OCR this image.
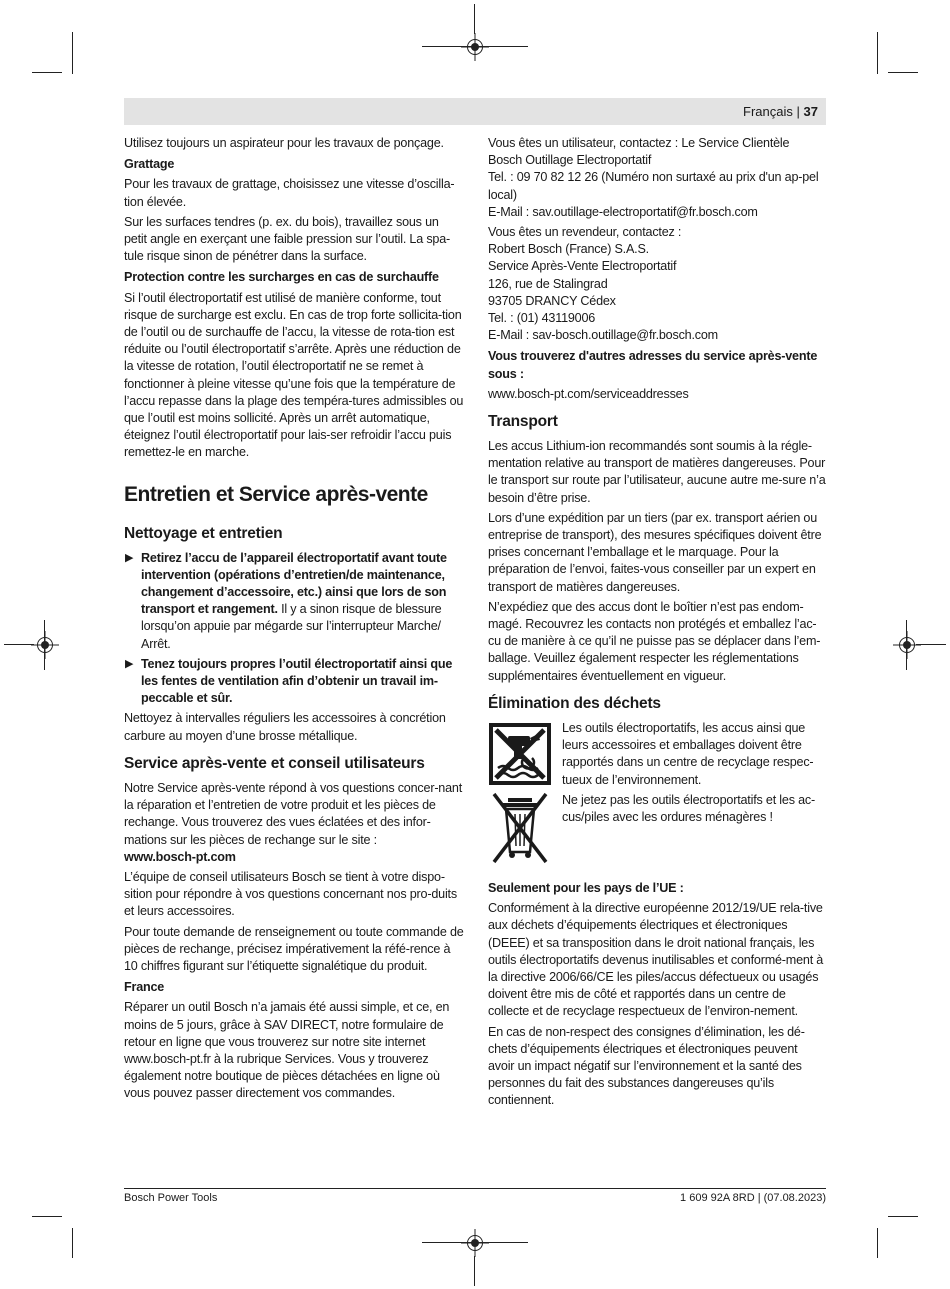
Français | 37

Utilisez toujours un aspirateur pour les travaux de ponçage.

Grattage

Pour les travaux de grattage, choisissez une vitesse d’oscilla-tion élevée.

Sur les surfaces tendres (p. ex. du bois), travaillez sous un petit angle en exerçant une faible pression sur l’outil. La spa-tule risque sinon de pénétrer dans la surface.

Protection contre les surcharges en cas de surchauffe

Si l’outil électroportatif est utilisé de manière conforme, tout risque de surcharge est exclu. En cas de trop forte sollicita-tion de l’outil ou de surchauffe de l’accu, la vitesse de rota-tion est réduite ou l’outil électroportatif s’arrête. Après une réduction de la vitesse de rotation, l’outil électroportatif ne se remet à fonctionner à pleine vitesse qu’une fois que la température de l’accu repasse dans la plage des tempéra-tures admissibles ou que l’outil est moins sollicité. Après un arrêt automatique, éteignez l’outil électroportatif pour lais-ser refroidir l’accu puis remettez-le en marche.

Entretien et Service après-vente
Nettoyage et entretien
▶ Retirez l’accu de l’appareil électroportatif avant toute intervention (opérations d’entretien/de maintenance, changement d’accessoire, etc.) ainsi que lors de son transport et rangement. Il y a sinon risque de blessure lorsqu’on appuie par mégarde sur l’interrupteur Marche/ Arrêt.
▶ Tenez toujours propres l’outil électroportatif ainsi que les fentes de ventilation afin d’obtenir un travail im-peccable et sûr.

Nettoyez à intervalles réguliers les accessoires à concrétion carbure au moyen d’une brosse métallique.

Service après-vente et conseil utilisateurs

Notre Service après-vente répond à vos questions concer-nant la réparation et l’entretien de votre produit et les pièces de rechange. Vous trouverez des vues éclatées et des infor-mations sur les pièces de rechange sur le site :

www.bosch-pt.com

L’équipe de conseil utilisateurs Bosch se tient à votre dispo-sition pour répondre à vos questions concernant nos pro-duits et leurs accessoires.

Pour toute demande de renseignement ou toute commande de pièces de rechange, précisez impérativement la réfé-rence à 10 chiffres figurant sur l’étiquette signalétique du produit.

France

Réparer un outil Bosch n’a jamais été aussi simple, et ce, en moins de 5 jours, grâce à SAV DIRECT, notre formulaire de retour en ligne que vous trouverez sur notre site internet www.bosch-pt.fr à la rubrique Services. Vous y trouverez également notre boutique de pièces détachées en ligne où vous pouvez passer directement vos commandes.

Vous êtes un utilisateur, contactez : Le Service Clientèle
Bosch Outillage Electroportatif
Tel. : 09 70 82 12 26 (Numéro non surtaxé au prix d'un ap-pel local)
E-Mail : sav.outillage-electroportatif@fr.bosch.com

Vous êtes un revendeur, contactez :
Robert Bosch (France) S.A.S.
Service Après-Vente Electroportatif
126, rue de Stalingrad
93705 DRANCY Cédex
Tel. : (01) 43119006
E-Mail : sav-bosch.outillage@fr.bosch.com

Vous trouverez d'autres adresses du service après-vente sous :

www.bosch-pt.com/serviceaddresses

Transport

Les accus Lithium-ion recommandés sont soumis à la régle-mentation relative au transport de matières dangereuses. Pour le transport sur route par l’utilisateur, aucune autre me-sure n’a besoin d’être prise.

Lors d’une expédition par un tiers (par ex. transport aérien ou entreprise de transport), des mesures spécifiques doivent être prises concernant l’emballage et le marquage. Pour la préparation de l’envoi, faites-vous conseiller par un expert en transport de matières dangereuses.

N’expédiez que des accus dont le boîtier n’est pas endom-magé. Recouvrez les contacts non protégés et emballez l’ac-cu de manière à ce qu’il ne puisse pas se déplacer dans l’em-ballage. Veuillez également respecter les réglementations supplémentaires éventuellement en vigueur.

Élimination des déchets

Les outils électroportatifs, les accus ainsi que leurs accessoires et emballages doivent être rapportés dans un centre de recyclage respec-tueux de l’environnement.

Ne jetez pas les outils électroportatifs et les ac-cus/piles avec les ordures ménagères !

Seulement pour les pays de l’UE :

Conformément à la directive européenne 2012/19/UE rela-tive aux déchets d’équipements électriques et électroniques (DEEE) et sa transposition dans le droit national français, les outils électroportatifs devenus inutilisables et conformé-ment à la directive 2006/66/CE les piles/accus défectueux ou usagés doivent être mis de côté et rapportés dans un centre de collecte et de recyclage respectueux de l’environ-nement.

En cas de non-respect des consignes d’élimination, les dé-chets d’équipements électriques et électroniques peuvent avoir un impact négatif sur l’environnement et la santé des personnes du fait des substances dangereuses qu’ils contiennent.

Bosch Power Tools	1 609 92A 8RD | (07.08.2023)
